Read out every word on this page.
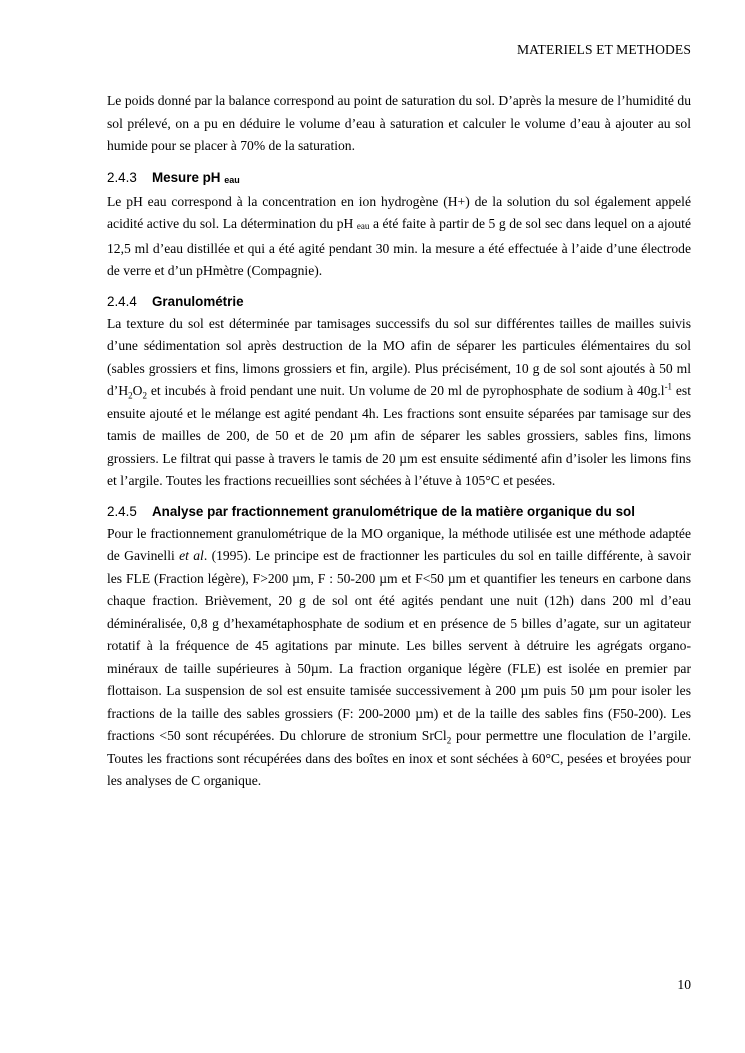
MATERIELS ET METHODES

Le poids donné par la balance correspond au point de saturation du sol. D’après la mesure de l’humidité du sol prélevé, on a pu en déduire le volume d’eau à saturation et calculer le volume d’eau à ajouter au sol humide pour se placer à 70% de la saturation.

2.4.3 Mesure pH eau

Le pH eau correspond à la concentration en ion hydrogène (H+) de la solution du sol également appelé acidité active du sol. La détermination du pH eau a été faite à partir de 5 g de sol sec dans lequel on a ajouté 12,5 ml d’eau distillée et qui a été agité pendant 30 min. la mesure a été effectuée à l’aide d’une électrode de verre et d’un pHmètre (Compagnie).

2.4.4 Granulométrie

La texture du sol est déterminée par tamisages successifs du sol sur différentes tailles de mailles suivis d’une sédimentation sol après destruction de la MO afin de séparer les particules élémentaires du sol (sables grossiers et fins, limons grossiers et fin, argile). Plus précisément, 10 g de sol sont ajoutés à 50 ml $d’H_2O_2$ et incubés à froid pendant une nuit. Un volume de 20 ml de pyrophosphate de sodium à $40g.l^{-1}$ est ensuite ajouté et le mélange est agité pendant 4h. Les fractions sont ensuite séparées par tamisage sur des tamis de mailles de 200, de 50 et de 20 µm afin de séparer les sables grossiers, sables fins, limons grossiers. Le filtrat qui passe à travers le tamis de 20 µm est ensuite sédimenté afin d’isoler les limons fins et l’argile. Toutes les fractions recueillies sont séchées à l’étuve à 105°C et pesées.

2.4.5 Analyse par fractionnement granulométrique de la matière organique du sol

Pour le fractionnement granulométrique de la MO organique, la méthode utilisée est une méthode adaptée de Gavinelli et al. (1995). Le principe est de fractionner les particules du sol en taille différente, à savoir les FLE (Fraction légère), F>200 µm, F : 50-200 µm et F<50 µm et quantifier les teneurs en carbone dans chaque fraction. Brièvement, 20 g de sol ont été agités pendant une nuit (12h) dans 200 ml d’eau déminéralisée, 0,8 g d’hexamétaphosphate de sodium et en présence de 5 billes d’agate, sur un agitateur rotatif à la fréquence de 45 agitations par minute. Les billes servent à détruire les agrégats organo-minéraux de taille supérieures à 50µm. La fraction organique légère (FLE) est isolée en premier par flottaison. La suspension de sol est ensuite tamisée successivement à 200 µm puis 50 µm pour isoler les fractions de la taille des sables grossiers (F: 200-2000 µm) et de la taille des sables fins (F50-200). Les fractions <50 sont récupérées. Du chlorure de stronium SrCl$_2$ pour permettre une floculation de l’argile. Toutes les fractions sont récupérées dans des boîtes en inox et sont séchées à 60°C, pesées et broyées pour les analyses de C organique.

10
